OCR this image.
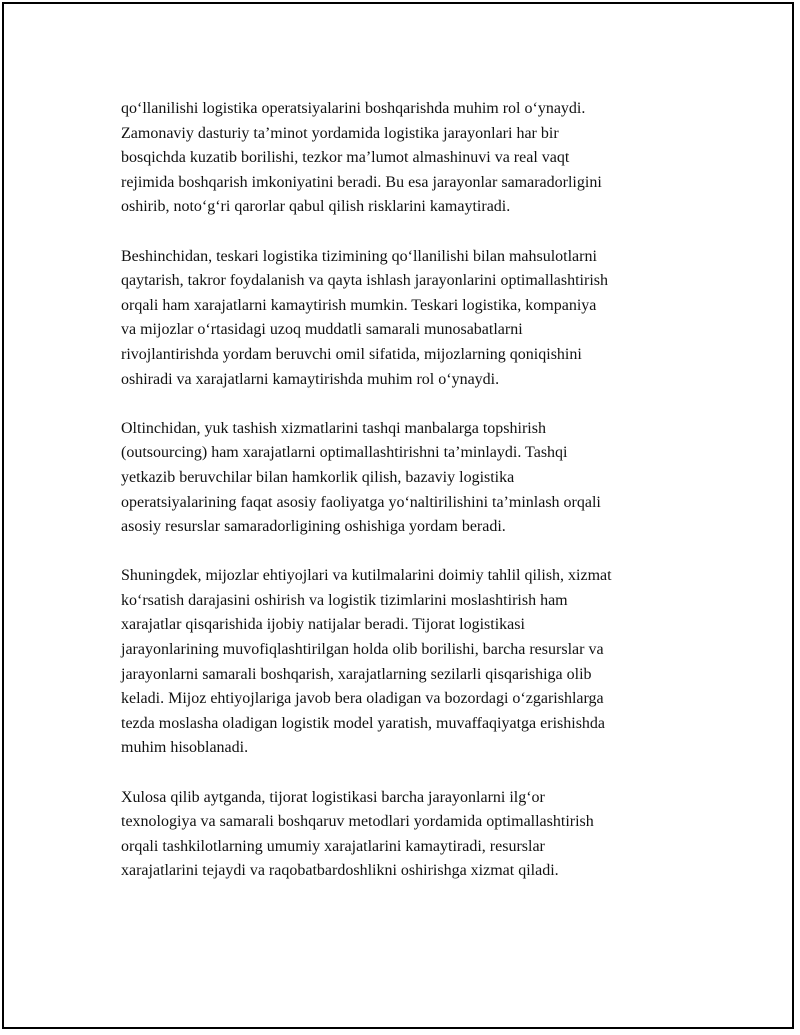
qo‘llanilishi logistika operatsiyalarini boshqarishda muhim rol o‘ynaydi.
Zamonaviy dasturiy ta’minot yordamida logistika jarayonlari har bir
bosqichda kuzatib borilishi, tezkor ma’lumot almashinuvi va real vaqt
rejimida boshqarish imkoniyatini beradi. Bu esa jarayonlar samaradorligini
oshirib, noto‘g‘ri qarorlar qabul qilish risklarini kamaytiradi.

Beshinchidan, teskari logistika tizimining qo‘llanilishi bilan mahsulotlarni
qaytarish, takror foydalanish va qayta ishlash jarayonlarini optimallashtirish
orqali ham xarajatlarni kamaytirish mumkin. Teskari logistika, kompaniya
va mijozlar o‘rtasidagi uzoq muddatli samarali munosabatlarni
rivojlantirishda yordam beruvchi omil sifatida, mijozlarning qoniqishini
oshiradi va xarajatlarni kamaytirishda muhim rol o‘ynaydi.

Oltinchidan, yuk tashish xizmatlarini tashqi manbalarga topshirish
(outsourcing) ham xarajatlarni optimallashtirishni ta’minlaydi. Tashqi
yetkazib beruvchilar bilan hamkorlik qilish, bazaviy logistika
operatsiyalarining faqat asosiy faoliyatga yo‘naltirilishini ta’minlash orqali
asosiy resurslar samaradorligining oshishiga yordam beradi.

Shuningdek, mijozlar ehtiyojlari va kutilmalarini doimiy tahlil qilish, xizmat
ko‘rsatish darajasini oshirish va logistik tizimlarini moslashtirish ham
xarajatlar qisqarishida ijobiy natijalar beradi. Tijorat logistikasi
jarayonlarining muvofiqlashtirilgan holda olib borilishi, barcha resurslar va
jarayonlarni samarali boshqarish, xarajatlarning sezilarli qisqarishiga olib
keladi. Mijoz ehtiyojlariga javob bera oladigan va bozordagi o‘zgarishlarga
tezda moslasha oladigan logistik model yaratish, muvaffaqiyatga erishishda
muhim hisoblanadi.

Xulosa qilib aytganda, tijorat logistikasi barcha jarayonlarni ilg‘or
texnologiya va samarali boshqaruv metodlari yordamida optimallashtirish
orqali tashkilotlarning umumiy xarajatlarini kamaytiradi, resurslar
xarajatlarini tejaydi va raqobatbardoshlikni oshirishga xizmat qiladi.
